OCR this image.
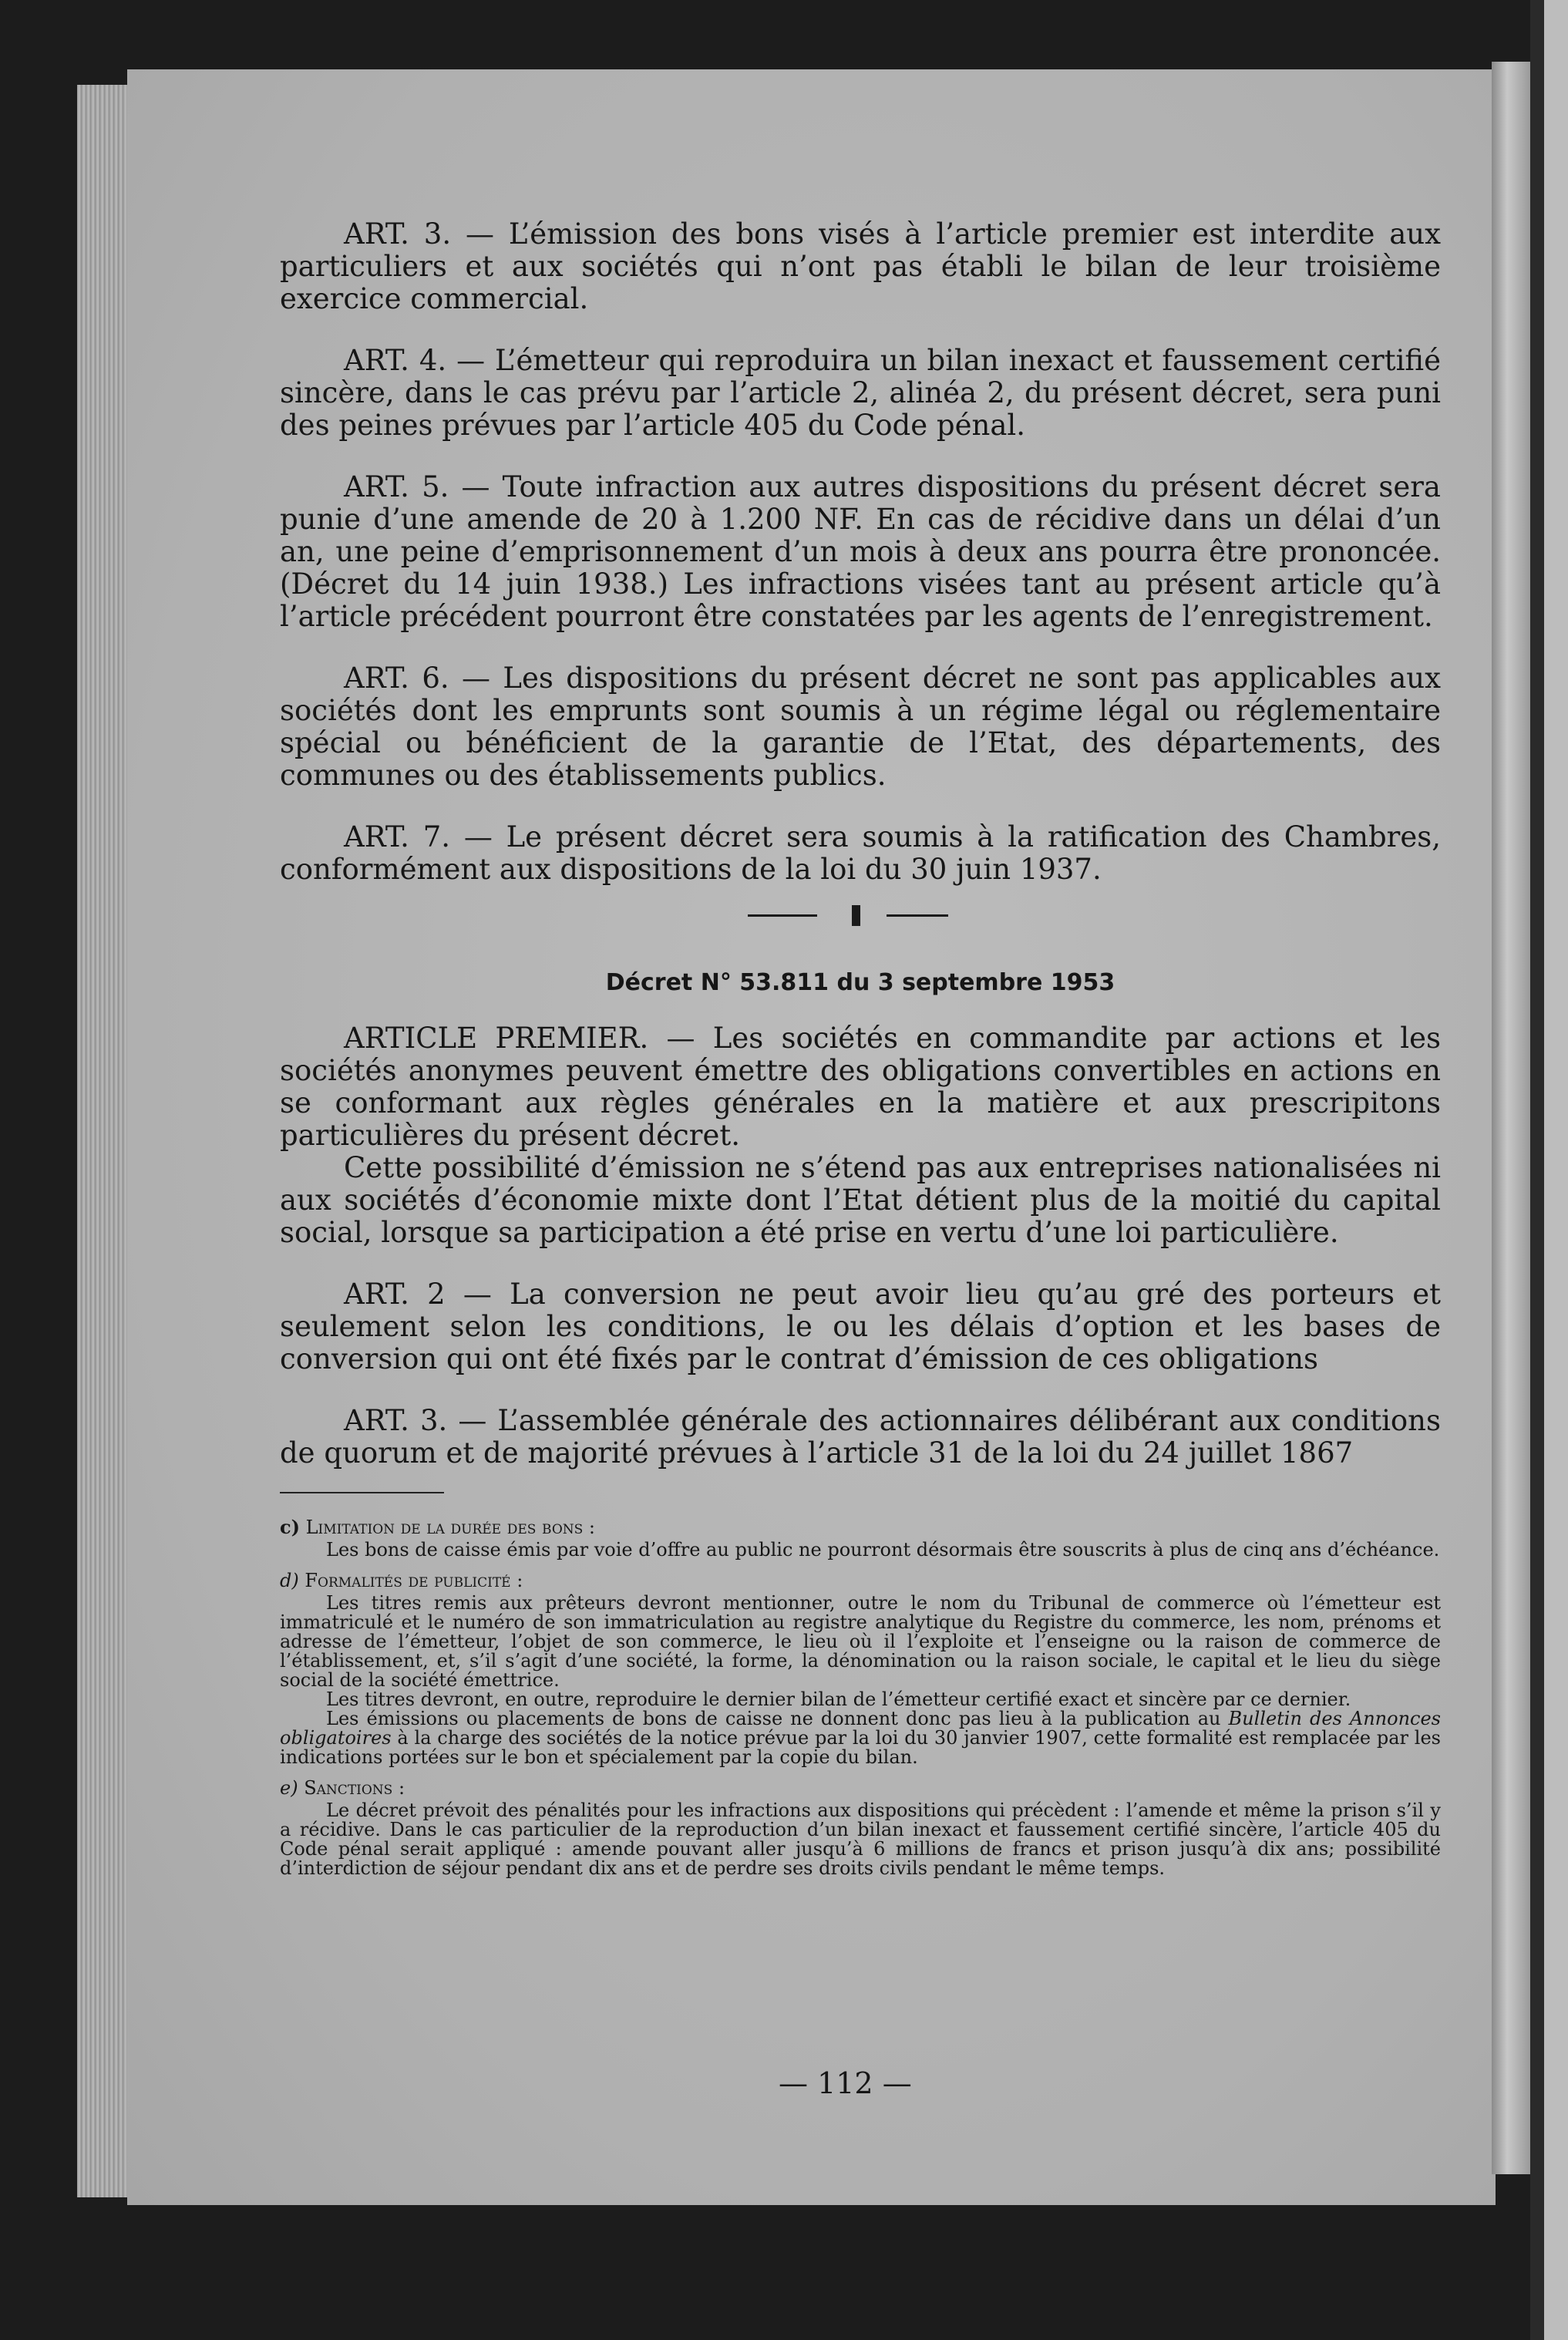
ART. 3. — L’émission des bons visés à l’article premier est interdite aux particuliers et aux sociétés qui n’ont pas établi le bilan de leur troisième exercice commercial.

ART. 4. — L’émetteur qui reproduira un bilan inexact et faussement certifié sincère, dans le cas prévu par l’article 2, alinéa 2, du présent décret, sera puni des peines prévues par l’article 405 du Code pénal.

ART. 5. — Toute infraction aux autres dispositions du présent décret sera punie d’une amende de 20 à 1.200 NF. En cas de récidive dans un délai d’un an, une peine d’emprisonnement d’un mois à deux ans pourra être prononcée. (Décret du 14 juin 1938.) Les infractions visées tant au présent article qu’à l’article précédent pourront être constatées par les agents de l’enregistrement.

ART. 6. — Les dispositions du présent décret ne sont pas applicables aux sociétés dont les emprunts sont soumis à un régime légal ou réglementaire spécial ou bénéficient de la garantie de l’Etat, des départements, des communes ou des établissements publics.

ART. 7. — Le présent décret sera soumis à la ratification des Chambres, conformément aux dispositions de la loi du 30 juin 1937.

Décret N° 53.811 du 3 septembre 1953

ARTICLE PREMIER. — Les sociétés en commandite par actions et les sociétés anonymes peuvent émettre des obligations convertibles en actions en se conformant aux règles générales en la matière et aux prescripitons particulières du présent décret.

Cette possibilité d’émission ne s’étend pas aux entreprises nationalisées ni aux sociétés d’économie mixte dont l’Etat détient plus de la moitié du capital social, lorsque sa participation a été prise en vertu d’une loi particulière.

ART. 2 — La conversion ne peut avoir lieu qu’au gré des porteurs et seulement selon les conditions, le ou les délais d’option et les bases de conversion qui ont été fixés par le contrat d’émission de ces obligations

ART. 3. — L’assemblée générale des actionnaires délibérant aux conditions de quorum et de majorité prévues à l’article 31 de la loi du 24 juillet 1867

c) Limitation de la durée des bons :

Les bons de caisse émis par voie d’offre au public ne pourront désormais être souscrits à plus de cinq ans d’échéance.

d) Formalités de publicité :

Les titres remis aux prêteurs devront mentionner, outre le nom du Tribunal de commerce où l’émetteur est immatriculé et le numéro de son immatriculation au registre analytique du Registre du commerce, les nom, prénoms et adresse de l’émetteur, l’objet de son commerce, le lieu où il l’exploite et l’enseigne ou la raison de commerce de l’établissement, et, s’il s’agit d’une société, la forme, la dénomination ou la raison sociale, le capital et le lieu du siège social de la société émettrice.

Les titres devront, en outre, reproduire le dernier bilan de l’émetteur certifié exact et sincère par ce dernier.

Les émissions ou placements de bons de caisse ne donnent donc pas lieu à la publication au Bulletin des Annonces obligatoires à la charge des sociétés de la notice prévue par la loi du 30 janvier 1907, cette formalité est remplacée par les indications portées sur le bon et spécialement par la copie du bilan.

e) Sanctions :

Le décret prévoit des pénalités pour les infractions aux dispositions qui précèdent : l’amende et même la prison s’il y a récidive. Dans le cas particulier de la reproduction d’un bilan inexact et faussement certifié sincère, l’article 405 du Code pénal serait appliqué : amende pouvant aller jusqu’à 6 millions de francs et prison jusqu’à dix ans; possibilité d’interdiction de séjour pendant dix ans et de perdre ses droits civils pendant le même temps.

— 112 —
